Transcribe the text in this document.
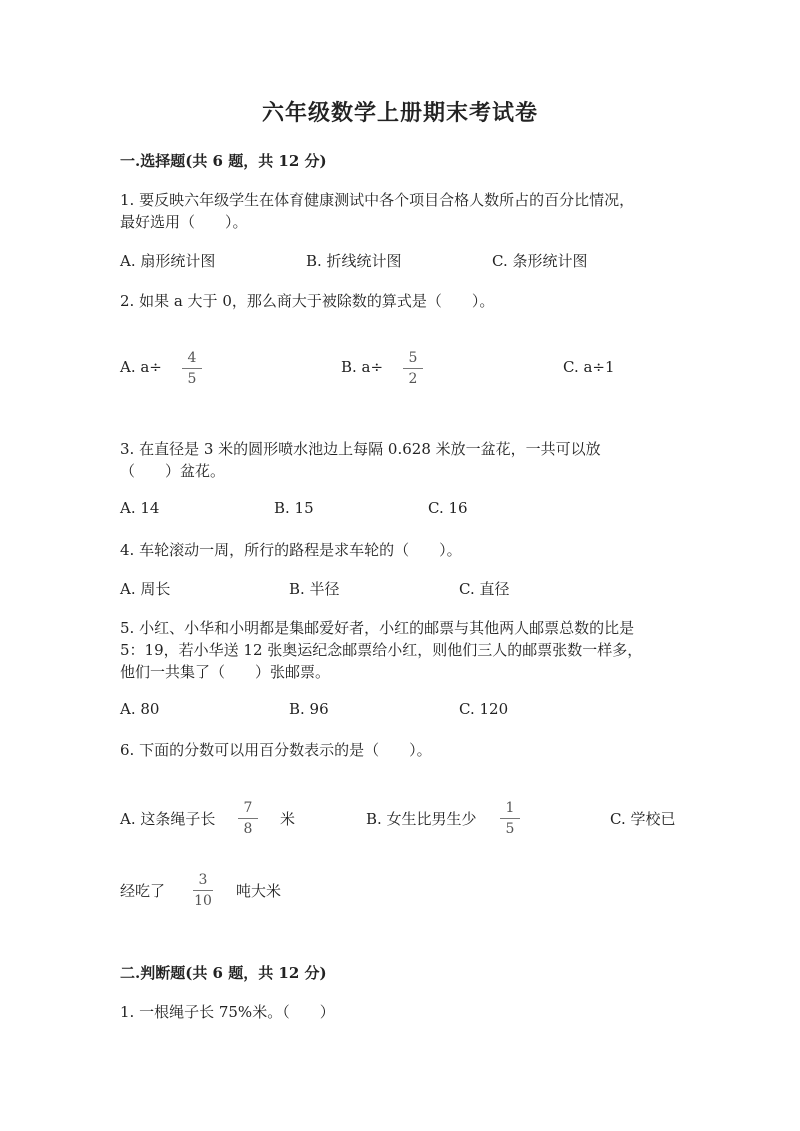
六年级数学上册期末考试卷
一.选择题(共 6 题，共 12 分)
1. 要反映六年级学生在体育健康测试中各个项目合格人数所占的百分比情况，
最好选用（　　）。
A. 扇形统计图	B. 折线统计图	C. 条形统计图
2. 如果 a 大于 0，那么商大于被除数的算式是（　　）。
A. a÷	4
5
B. a÷	5
2
C. a÷1
3. 在直径是 3 米的圆形喷水池边上每隔 0.628 米放一盆花，一共可以放
（　　）盆花。
A. 14	B. 15	C. 16
4. 车轮滚动一周，所行的路程是求车轮的（　　）。
A. 周长	B. 半径	C. 直径
5. 小红、小华和小明都是集邮爱好者，小红的邮票与其他两人邮票总数的比是
5：19，若小华送 12 张奥运纪念邮票给小红，则他们三人的邮票张数一样多，
他们一共集了（　　）张邮票。
A. 80	B. 96	C. 120
6. 下面的分数可以用百分数表示的是（　　）。
A. 这条绳子长
7
8
米	B. 女生比男生少
1
5
C. 学校已
经吃了
3
10
吨大米
二.判断题(共 6 题，共 12 分)
1. 一根绳子长 75%米。（　　）
